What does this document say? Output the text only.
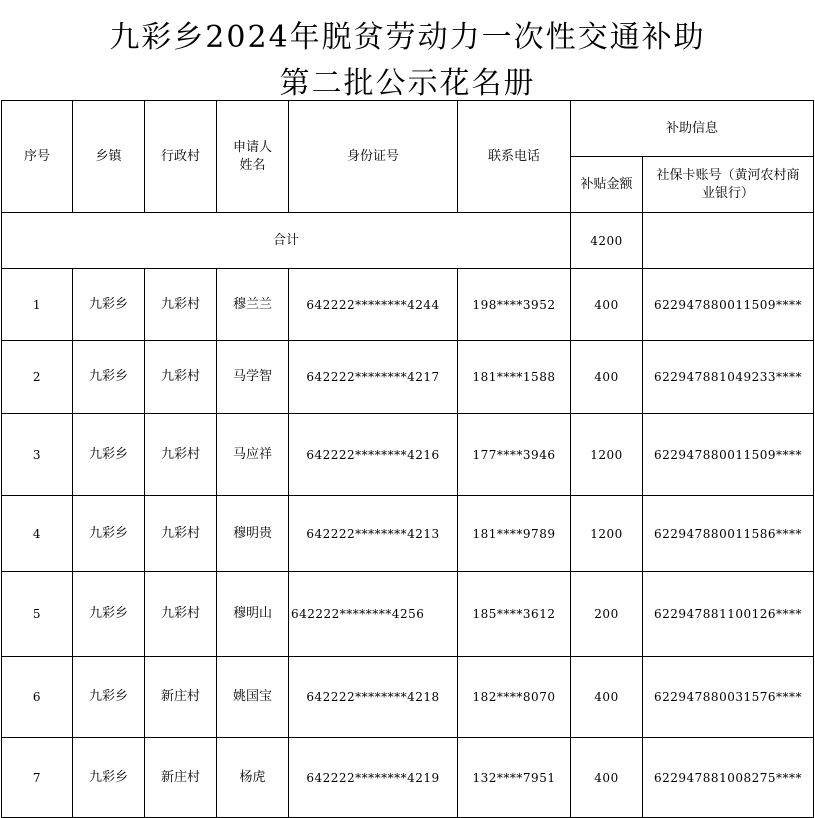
九彩乡2024年脱贫劳动力一次性交通补助
第二批公示花名册
序号	乡镇	行政村	申请人姓名	身份证号	联系电话	补助信息	
						补贴金额	社保卡账号（黄河农村商业银行）
合计						4200	
1	九彩乡	九彩村	穆兰兰	642222********4244	198****3952	400	622947880011509****
2	九彩乡	九彩村	马学智	642222********4217	181****1588	400	622947881049233****
3	九彩乡	九彩村	马应祥	642222********4216	177****3946	1200	622947880011509****
4	九彩乡	九彩村	穆明贵	642222********4213	181****9789	1200	622947880011586****
5	九彩乡	九彩村	穆明山	642222********4256	185****3612	200	622947881100126****
6	九彩乡	新庄村	姚国宝	642222********4218	182****8070	400	622947880031576****
7	九彩乡	新庄村	杨虎	642222********4219	132****7951	400	622947881008275****
